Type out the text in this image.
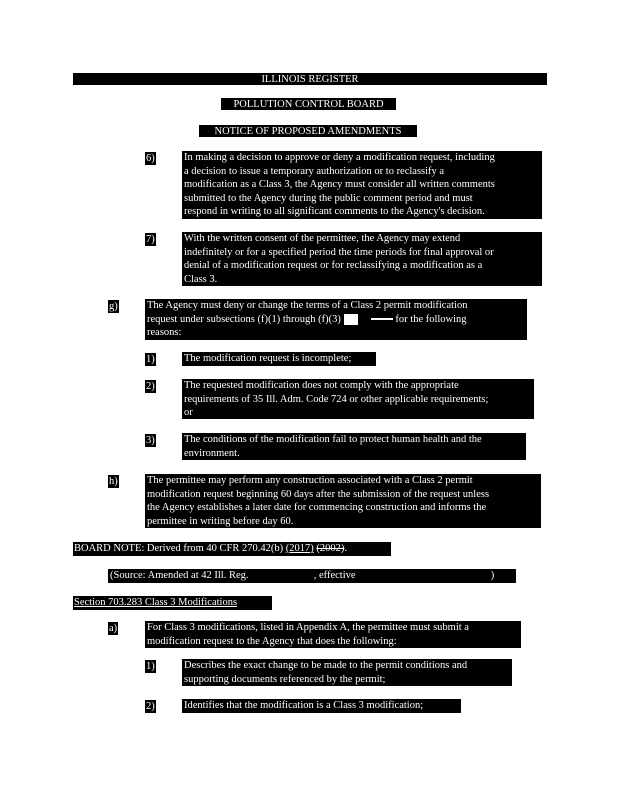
ILLINOIS REGISTER
POLLUTION CONTROL BOARD
NOTICE OF PROPOSED AMENDMENTS
6)	In making a decision to approve or deny a modification request, including
a decision to issue a temporary authorization or to reclassify a
modification as a Class 3, the Agency must consider all written comments
submitted to the Agency during the public comment period and must
respond in writing to all significant comments to the Agency's decision.
7)	With the written consent of the permittee, the Agency may extend
indefinitely or for a specified period the time periods for final approval or
denial of a modification request or for reclassifying a modification as a
Class 3.
g)	The Agency must deny or change the terms of a Class 2 permit modification
request under subsections (f)(1) through (f)(3)	for the following
reasons:
1)	The modification request is incomplete;
2)	The requested modification does not comply with the appropriate
requirements of 35 Ill. Adm. Code 724 or other applicable requirements;
or
3)	The conditions of the modification fail to protect human health and the
environment.
h)	The permittee may perform any construction associated with a Class 2 permit
modification request beginning 60 days after the submission of the request unless
the Agency establishes a later date for commencing construction and informs the
permittee in writing before day 60.
BOARD NOTE: Derived from 40 CFR 270.42(b) (2017) (2002).
(Source: Amended at 42 Ill. Reg.	, effective	)
Section 703.283 Class 3 Modifications
a)	For Class 3 modifications, listed in Appendix A, the permittee must submit a
modification request to the Agency that does the following:
1)	Describes the exact change to be made to the permit conditions and
supporting documents referenced by the permit;
2)	Identifies that the modification is a Class 3 modification;
